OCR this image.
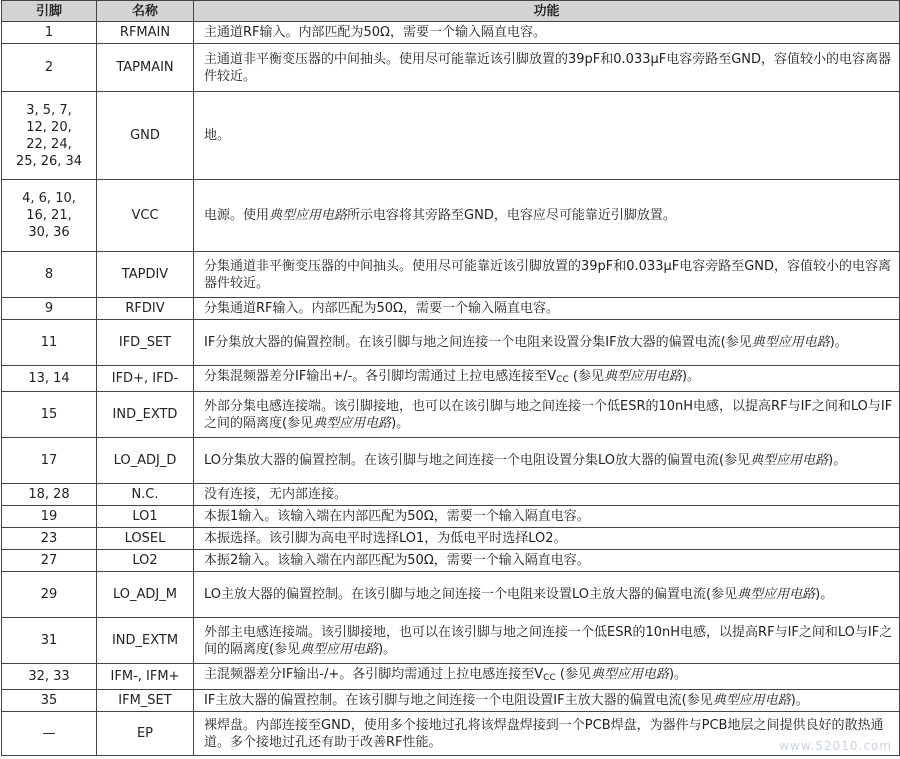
引脚	名称	功能
1	RFMAIN	主通道RF输入。内部匹配为50Ω，需要一个输入隔直电容。
2	TAPMAIN	主通道非平衡变压器的中间抽头。使用尽可能靠近该引脚放置的39pF和0.033μF电容旁路至GND，容值较小的电容离器件较近。
3, 5, 7,
12, 20,
22, 24,
25, 26, 34	GND	地。
4, 6, 10,
16, 21,
30, 36	VCC	电源。使用典型应用电路所示电容将其旁路至GND，电容应尽可能靠近引脚放置。
8	TAPDIV	分集通道非平衡变压器的中间抽头。使用尽可能靠近该引脚放置的39pF和0.033μF电容旁路至GND，容值较小的电容离器件较近。
9	RFDIV	分集通道RF输入。内部匹配为50Ω，需要一个输入隔直电容。
11	IFD_SET	IF分集放大器的偏置控制。在该引脚与地之间连接一个电阻来设置分集IF放大器的偏置电流(参见典型应用电路)。
13, 14	IFD+, IFD-	分集混频器差分IF输出+/-。各引脚均需通过上拉电感连接至$V_{CC}$ (参见典型应用电路)。
15	IND_EXTD	外部分集电感连接端。该引脚接地，也可以在该引脚与地之间连接一个低ESR的10nH电感，以提高RF与IF之间和LO与IF之间的隔离度(参见典型应用电路)。
17	LO_ADJ_D	LO分集放大器的偏置控制。在该引脚与地之间连接一个电阻设置分集LO放大器的偏置电流(参见典型应用电路)。
18, 28	N.C.	没有连接，无内部连接。
19	LO1	本振1输入。该输入端在内部匹配为50Ω，需要一个输入隔直电容。
23	LOSEL	本振选择。该引脚为高电平时选择LO1，为低电平时选择LO2。
27	LO2	本振2输入。该输入端在内部匹配为50Ω，需要一个输入隔直电容。
29	LO_ADJ_M	LO主放大器的偏置控制。在该引脚与地之间连接一个电阻来设置LO主放大器的偏置电流(参见典型应用电路)。
31	IND_EXTM	外部主电感连接端。该引脚接地，也可以在该引脚与地之间连接一个低ESR的10nH电感，以提高RF与IF之间和LO与IF之间的隔离度(参见典型应用电路)。
32, 33	IFM-, IFM+	主混频器差分IF输出-/+。各引脚均需通过上拉电感连接至$V_{CC}$ (参见典型应用电路)。
35	IFM_SET	IF主放大器的偏置控制。在该引脚与地之间连接一个电阻设置IF主放大器的偏置电流(参见典型应用电路)。
—	EP	裸焊盘。内部连接至GND，使用多个接地过孔将该焊盘焊接到一个PCB焊盘，为器件与PCB地层之间提供良好的散热通道。多个接地过孔还有助于改善RF性能。	www.52010.com
